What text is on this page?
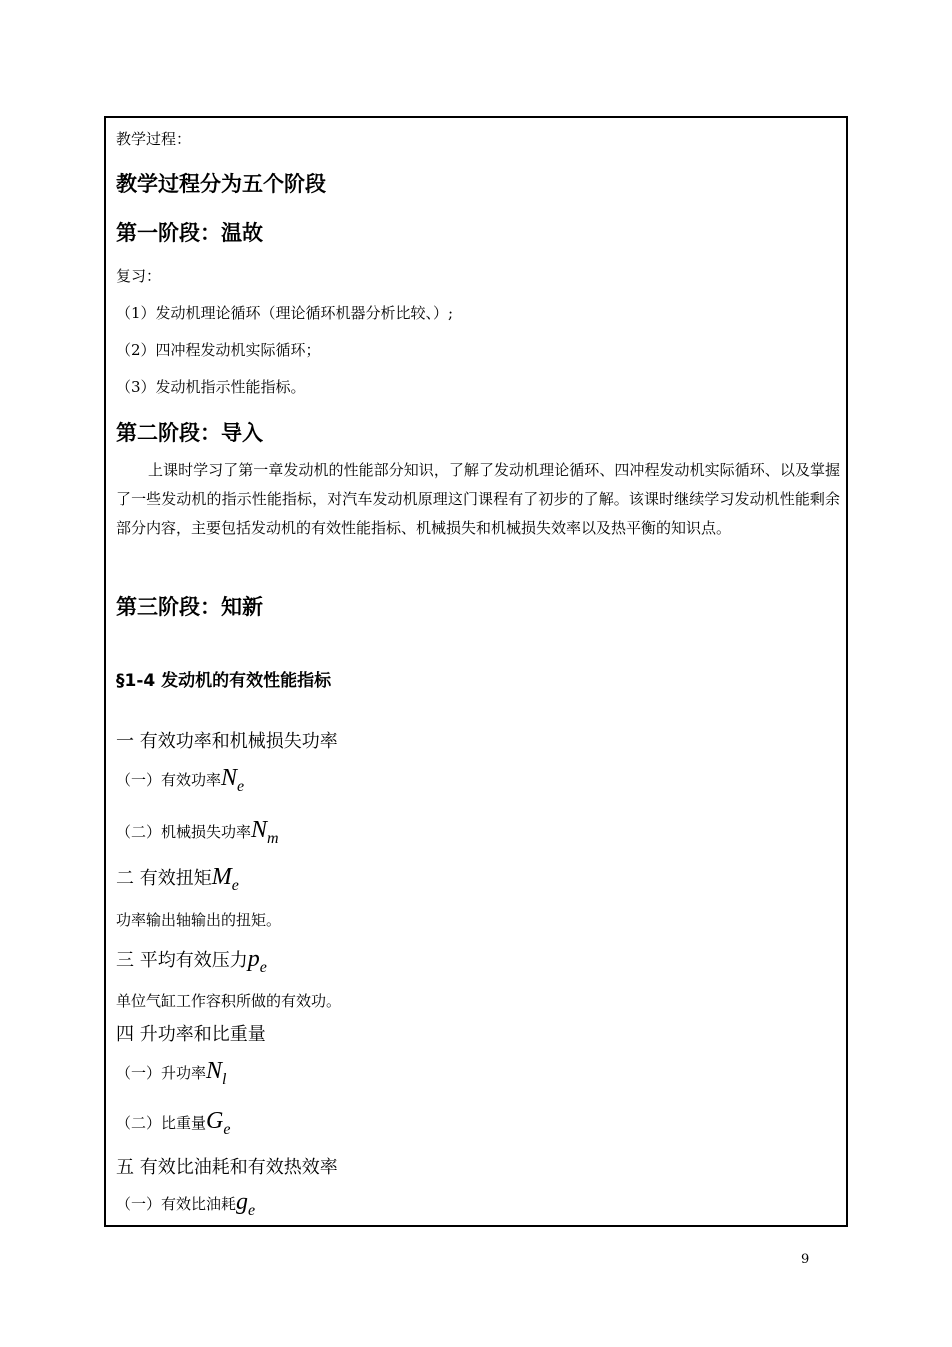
教学过程：
教学过程分为五个阶段
第一阶段：温故
复习：
（1）发动机理论循环（理论循环机器分析比较、）;
（2）四冲程发动机实际循环；
（3）发动机指示性能指标。
第二阶段：导入
上课时学习了第一章发动机的性能部分知识，了解了发动机理论循环、四冲程发动机实际循环、以及掌握了一些发动机的指示性能指标，对汽车发动机原理这门课程有了初步的了解。该课时继续学习发动机性能剩余部分内容，主要包括发动机的有效性能指标、机械损失和机械损失效率以及热平衡的知识点。
第三阶段：知新
§1-4 发动机的有效性能指标
一 有效功率和机械损失功率
（一）有效功率$N_e$
（二）机械损失功率$N_m$
二 有效扭矩$M_e$
功率输出轴输出的扭矩。
三 平均有效压力$p_e$
单位气缸工作容积所做的有效功。
四 升功率和比重量
（一）升功率$N_l$
（二）比重量$G_e$
五 有效比油耗和有效热效率
（一）有效比油耗$g_e$
9
